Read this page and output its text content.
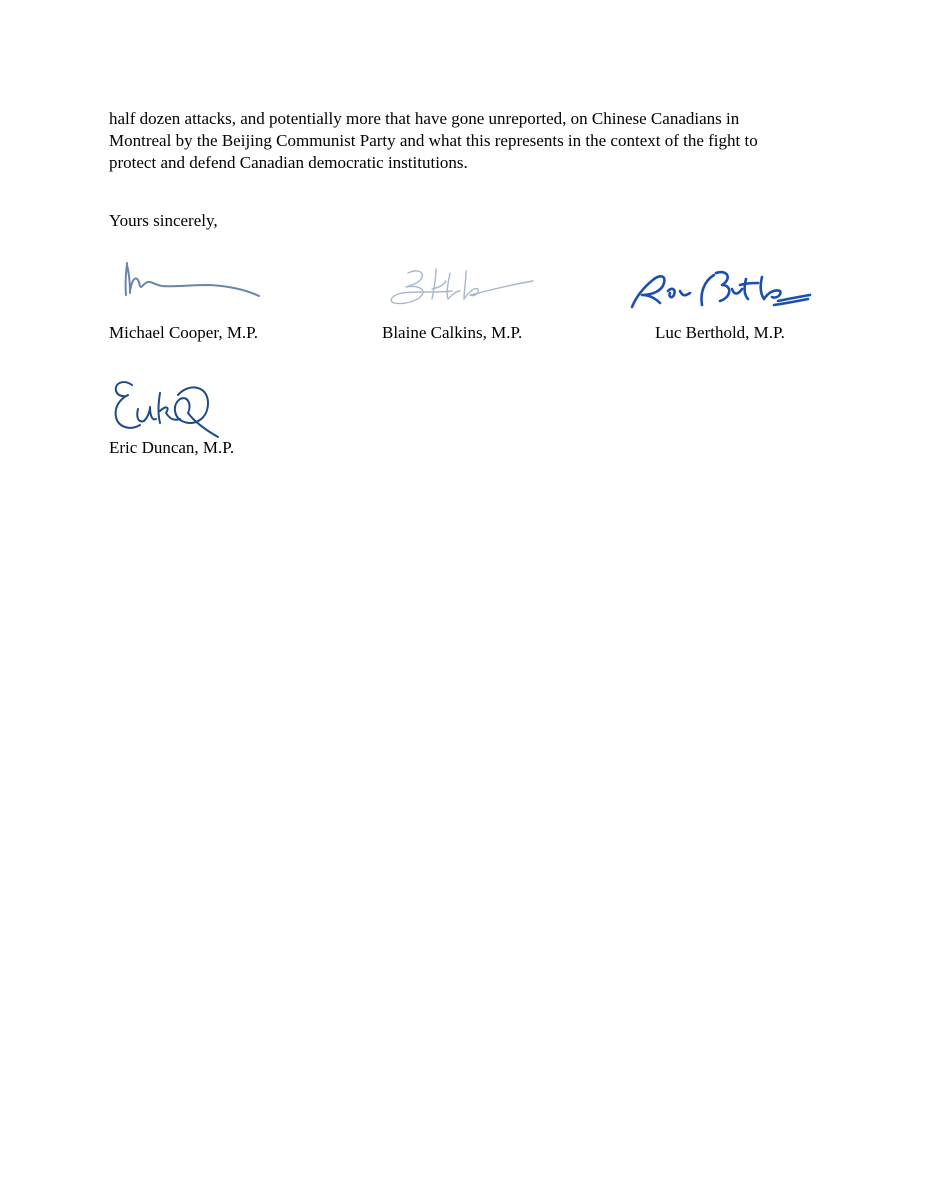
half dozen attacks, and potentially more that have gone unreported, on Chinese Canadians in
Montreal by the Beijing Communist Party and what this represents in the context of the fight to
protect and defend Canadian democratic institutions.

Yours sincerely,

Michael Cooper, M.P.	Blaine Calkins, M.P.	Luc Berthold, M.P.

Eric Duncan, M.P.
